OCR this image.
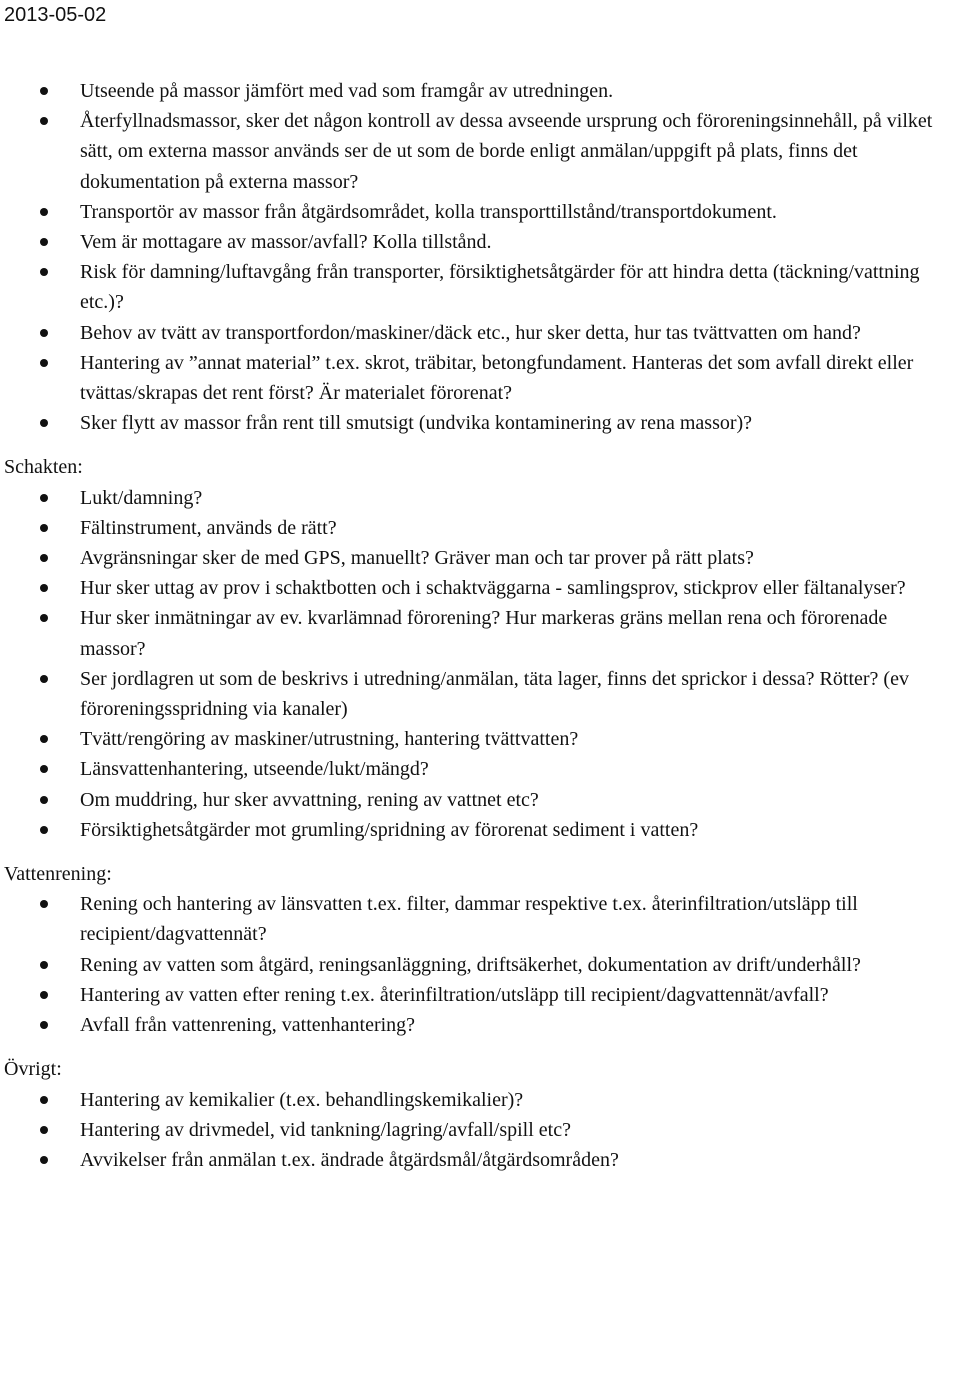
2013-05-02
Utseende på massor jämfört med vad som framgår av utredningen.
Återfyllnadsmassor, sker det någon kontroll av dessa avseende ursprung och föroreningsinnehåll, på vilket sätt, om externa massor används ser de ut som de borde enligt anmälan/uppgift på plats, finns det dokumentation på externa massor?
Transportör av massor från åtgärdsområdet, kolla transporttillstånd/transportdokument.
Vem är mottagare av massor/avfall? Kolla tillstånd.
Risk för damning/luftavgång från transporter, försiktighetsåtgärder för att hindra detta (täckning/vattning etc.)?
Behov av tvätt av transportfordon/maskiner/däck etc., hur sker detta, hur tas tvättvatten om hand?
Hantering av ”annat material” t.ex. skrot, träbitar, betongfundament. Hanteras det som avfall direkt eller tvättas/skrapas det rent först? Är materialet förorenat?
Sker flytt av massor från rent till smutsigt (undvika kontaminering av rena massor)?
Schakten:
Lukt/damning?
Fältinstrument, används de rätt?
Avgränsningar sker de med GPS, manuellt? Gräver man och tar prover på rätt plats?
Hur sker uttag av prov i schaktbotten och i schaktväggarna - samlingsprov, stickprov eller fältanalyser?
Hur sker inmätningar av ev. kvarlämnad förorening? Hur markeras gräns mellan rena och förorenade massor?
Ser jordlagren ut som de beskrivs i utredning/anmälan, täta lager, finns det sprickor i dessa? Rötter? (ev föroreningsspridning via kanaler)
Tvätt/rengöring av maskiner/utrustning, hantering tvättvatten?
Länsvattenhantering, utseende/lukt/mängd?
Om muddring, hur sker avvattning, rening av vattnet etc?
Försiktighetsåtgärder mot grumling/spridning av förorenat sediment i vatten?
Vattenrening:
Rening och hantering av länsvatten t.ex. filter, dammar respektive t.ex. återinfiltration/utsläpp till recipient/dagvattennät?
Rening av vatten som åtgärd, reningsanläggning, driftsäkerhet, dokumentation av drift/underhåll?
Hantering av vatten efter rening t.ex. återinfiltration/utsläpp till recipient/dagvattennät/avfall?
Avfall från vattenrening, vattenhantering?
Övrigt:
Hantering av kemikalier (t.ex. behandlingskemikalier)?
Hantering av drivmedel, vid tankning/lagring/avfall/spill etc?
Avvikelser från anmälan t.ex. ändrade åtgärdsmål/åtgärdsområden?
